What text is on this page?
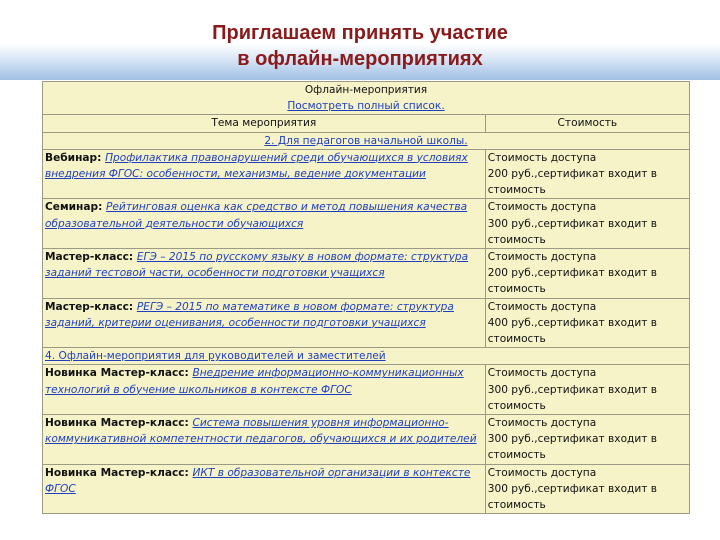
Приглашаем принять участие
в офлайн-мероприятиях
Офлайн-мероприятия
Посмотреть полный список.	

Тема мероприятия	Стоимость
2. Для педагогов начальной школы.	
Вебинар: Профилактика правонарушений среди обучающихся в условиях внедрения ФГОС: особенности, механизмы, ведение документации	Стоимость доступа
200 руб.,сертификат входит в
стоимость

Семинар: Рейтинговая оценка как средство и метод повышения качества образовательной деятельности обучающихся	Стоимость доступа
300 руб.,сертификат входит в
стоимость

Мастер-класс: ЕГЭ – 2015 по русскому языку в новом формате: структура заданий тестовой части, особенности подготовки учащихся	Стоимость доступа
200 руб.,сертификат входит в
стоимость

Мастер-класс: РЕГЭ – 2015 по математике в новом формате: структура заданий, критерии оценивания, особенности подготовки учащихся	Стоимость доступа
400 руб.,сертификат входит в
стоимость

4. Офлайн-мероприятия для руководителей и заместителей	
Новинка Мастер-класс: Внедрение информационно-коммуникационных технологий в обучение школьников в контексте ФГОС	Стоимость доступа
300 руб.,сертификат входит в
стоимость

Новинка Мастер-класс: Система повышения уровня информационно-коммуникативной компетентности педагогов, обучающихся и их родителей	Стоимость доступа
300 руб.,сертификат входит в
стоимость

Новинка Мастер-класс: ИКТ в образовательной организации в контексте ФГОС	Стоимость доступа
300 руб.,сертификат входит в
стоимость
